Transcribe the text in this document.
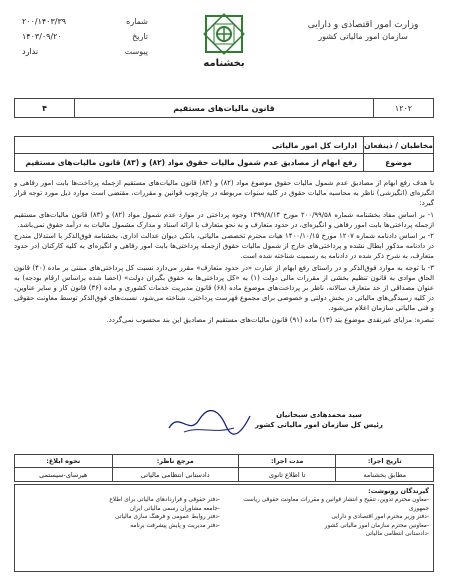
وزارت امور اقتصادی و دارایی
سازمان امور مالیاتی کشور
بخشنامه
شماره
۲۰۰/۱۴۰۳/۳۹
تاریخ
۱۴۰۳/۰۹/۲۰
پیوست
ندارد
۱۲۰۲
قانون مالیات‌های مستقیم
۴
مخاطبان / ذینفعان
ادارات کل امور مالیاتی
موضوع
رفع ابهام از مصادیق عدم شمول مالیات حقوق مواد (۸۲) و (۸۳) قانون مالیات‌های مستقیم

با هدف رفع ابهام از مصادیق عدم شمول مالیات حقوق موضوع مواد (۸۲) و (۸۳) قانون مالیات‌های مستقیم ازجمله پرداخت‌ها بابت امور رفاهی و انگیزه‌ای (انگیزشی) ناظر به محاسبه مالیات حقوق در کلیه سنوات مربوطه در چارچوب قوانین و مقررات، مقتضی است موارد ذیل مورد توجه قرار گیرد:

۱- بر اساس مفاد بخشنامه شماره ۲۰۰/۹۹/۵۸ مورخ ۱۳۹۹/۸/۱۴ وجوه پرداختی در موارد عدم شمول مواد (۸۲) و (۸۳) قانون مالیات‌های مستقیم ازجمله پرداختی‌ها بابت امور رفاهی و انگیزه‌ای، در حدود متعارف و به نحو متعارف با ارائه اسناد و مدارک مشمول مالیات به درآمد حقوق نمی‌باشد.

۲- بر اساس دادنامه شماره ۱۲۰۷ مورخ ۱۴۰۰/۱۰/۱۵ هیات محترم تخصصی مالیاتی، بانکی دیوان عدالت اداری، بخشنامه فوق‌الذکر با استدلال مندرج در دادنامه مذکور ابطال نشده و پرداختی‌های خارج از شمول مالیات حقوق ازجمله پرداختی‌ها بابت امور رفاهی و انگیزه‌ای به کلیه کارکنان (در حدود متعارف، به شرح ذکر شده در دادنامه به رسمیت شناخته شده است.

۳- با توجه به موارد فوق‌الذکر و در راستای رفع ابهام از عبارت «در حدود متعارف» مقرر می‌دارد نسبت کل پرداختی‌های مبتنی بر ماده (۴۰) قانون الحاق موادی به قانون تنظیم بخشی از مقررات مالی دولت (۱) به «کل پرداختی‌ها به حقوق بگیران دولت» (احصا شده براساس ارقام بودجه) به عنوان مصداقی از حد متعارف سالانه، ناظر بر پرداخت‌های موضوع ماده (۶۸) قانون مدیریت خدمات کشوری و ماده (۳۶) قانون کار و سایر عناوین، در کلیه رسیدگی‌های مالیاتی در بخش دولتی و خصوصی برای مجموع فهرست پرداختی، شناخته می‌شود. نسبت‌های فوق‌الذکر توسط معاونت حقوقی و فنی مالیاتی سازمان اعلام می‌شود.

تبصره: مزایای غیرنقدی موضوع بند (۱۳) ماده (۹۱) قانون مالیات‌های مستقیم از مصادیق این بند محسوب نمی‌گردد.

سید محمدهادی سبحانیان
رئیس کل سازمان امور مالیاتی کشور
تاریخ اجرا:
مدت اجرا:
مرجع ناظر:
نحوه ابلاغ:
مطابق بخشنامه
تا اطلاع ثانوی
دادستانی انتظامی مالیاتی
هیرسای-سیستمی
گیرندگان رونوشت:
-معاون محترم تدوین، تنقیح و انتشار قوانین و مقررات معاونت حقوقی ریاست جمهوری
-دفتر وزیر محترم امور اقتصادی و دارایی
-معاونین محترم سازمان امور مالیاتی کشور
-دادستانی انتظامی مالیاتی
-دفتر حقوقی و قراردادهای مالیاتی برای اطلاع
-جامعه مشاوران رسمی مالیاتی ایران
-دفتر روابط عمومی و فرهنگ سازی مالیاتی
-دفتر مدیریت و پایش پیشرفت برنامه
